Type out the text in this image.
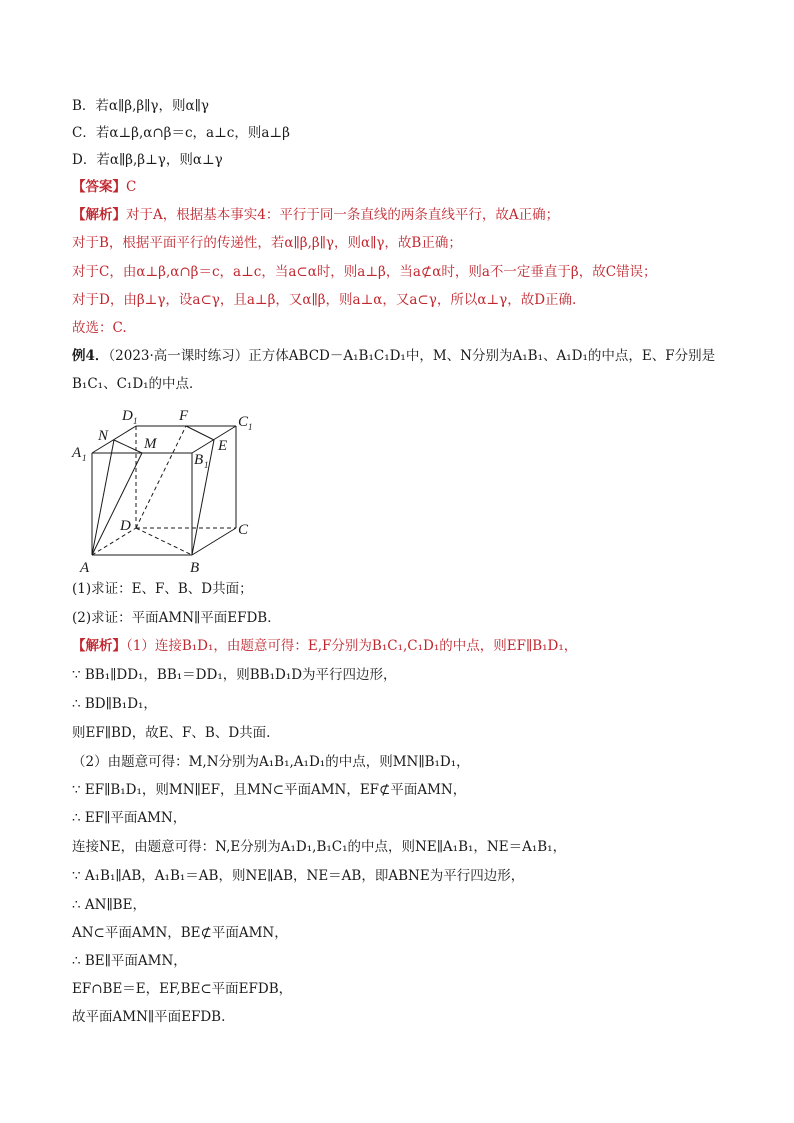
B．若α∥β,β∥γ，则α∥γ
C．若α⊥β,α∩β＝c，a⊥c，则a⊥β
D．若α∥β,β⊥γ，则α⊥γ
【答案】C
【解析】对于A，根据基本事实4：平行于同一条直线的两条直线平行，故A正确；
对于B，根据平面平行的传递性，若α∥β,β∥γ，则α∥γ，故B正确；
对于C，由α⊥β,α∩β＝c，a⊥c，当a⊂α时，则a⊥β，当a⊄α时，则a不一定垂直于β，故C错误；
对于D，由β⊥γ，设a⊂γ，且a⊥β，又α∥β，则a⊥α，又a⊂γ，所以α⊥γ，故D正确.
故选：C.
例4．（2023·高一课时练习）正方体ABCD－A₁B₁C₁D₁中，M、N分别为A₁B₁、A₁D₁的中点，E、F分别是
B₁C₁、C₁D₁的中点．
D 1	F	C 1
N M	E
A 1	B 1
D	C
A	B
(1)求证：E、F、B、D共面；
(2)求证：平面AMN∥平面EFDB．
【解析】（1）连接B₁D₁，由题意可得：E,F分别为B₁C₁,C₁D₁的中点，则EF∥B₁D₁，
∵ BB₁∥DD₁，BB₁＝DD₁，则BB₁D₁D为平行四边形，
∴ BD∥B₁D₁，
则EF∥BD，故E、F、B、D共面.
（2）由题意可得：M,N分别为A₁B₁,A₁D₁的中点，则MN∥B₁D₁，
∵ EF∥B₁D₁，则MN∥EF，且MN⊂平面AMN，EF⊄平面AMN，
∴ EF∥平面AMN，
连接NE，由题意可得：N,E分别为A₁D₁,B₁C₁的中点，则NE∥A₁B₁，NE＝A₁B₁，
∵ A₁B₁∥AB，A₁B₁＝AB，则NE∥AB，NE＝AB，即ABNE为平行四边形，
∴ AN∥BE，
AN⊂平面AMN，BE⊄平面AMN，
∴ BE∥平面AMN，
EF∩BE＝E，EF,BE⊂平面EFDB，
故平面AMN∥平面EFDB.
